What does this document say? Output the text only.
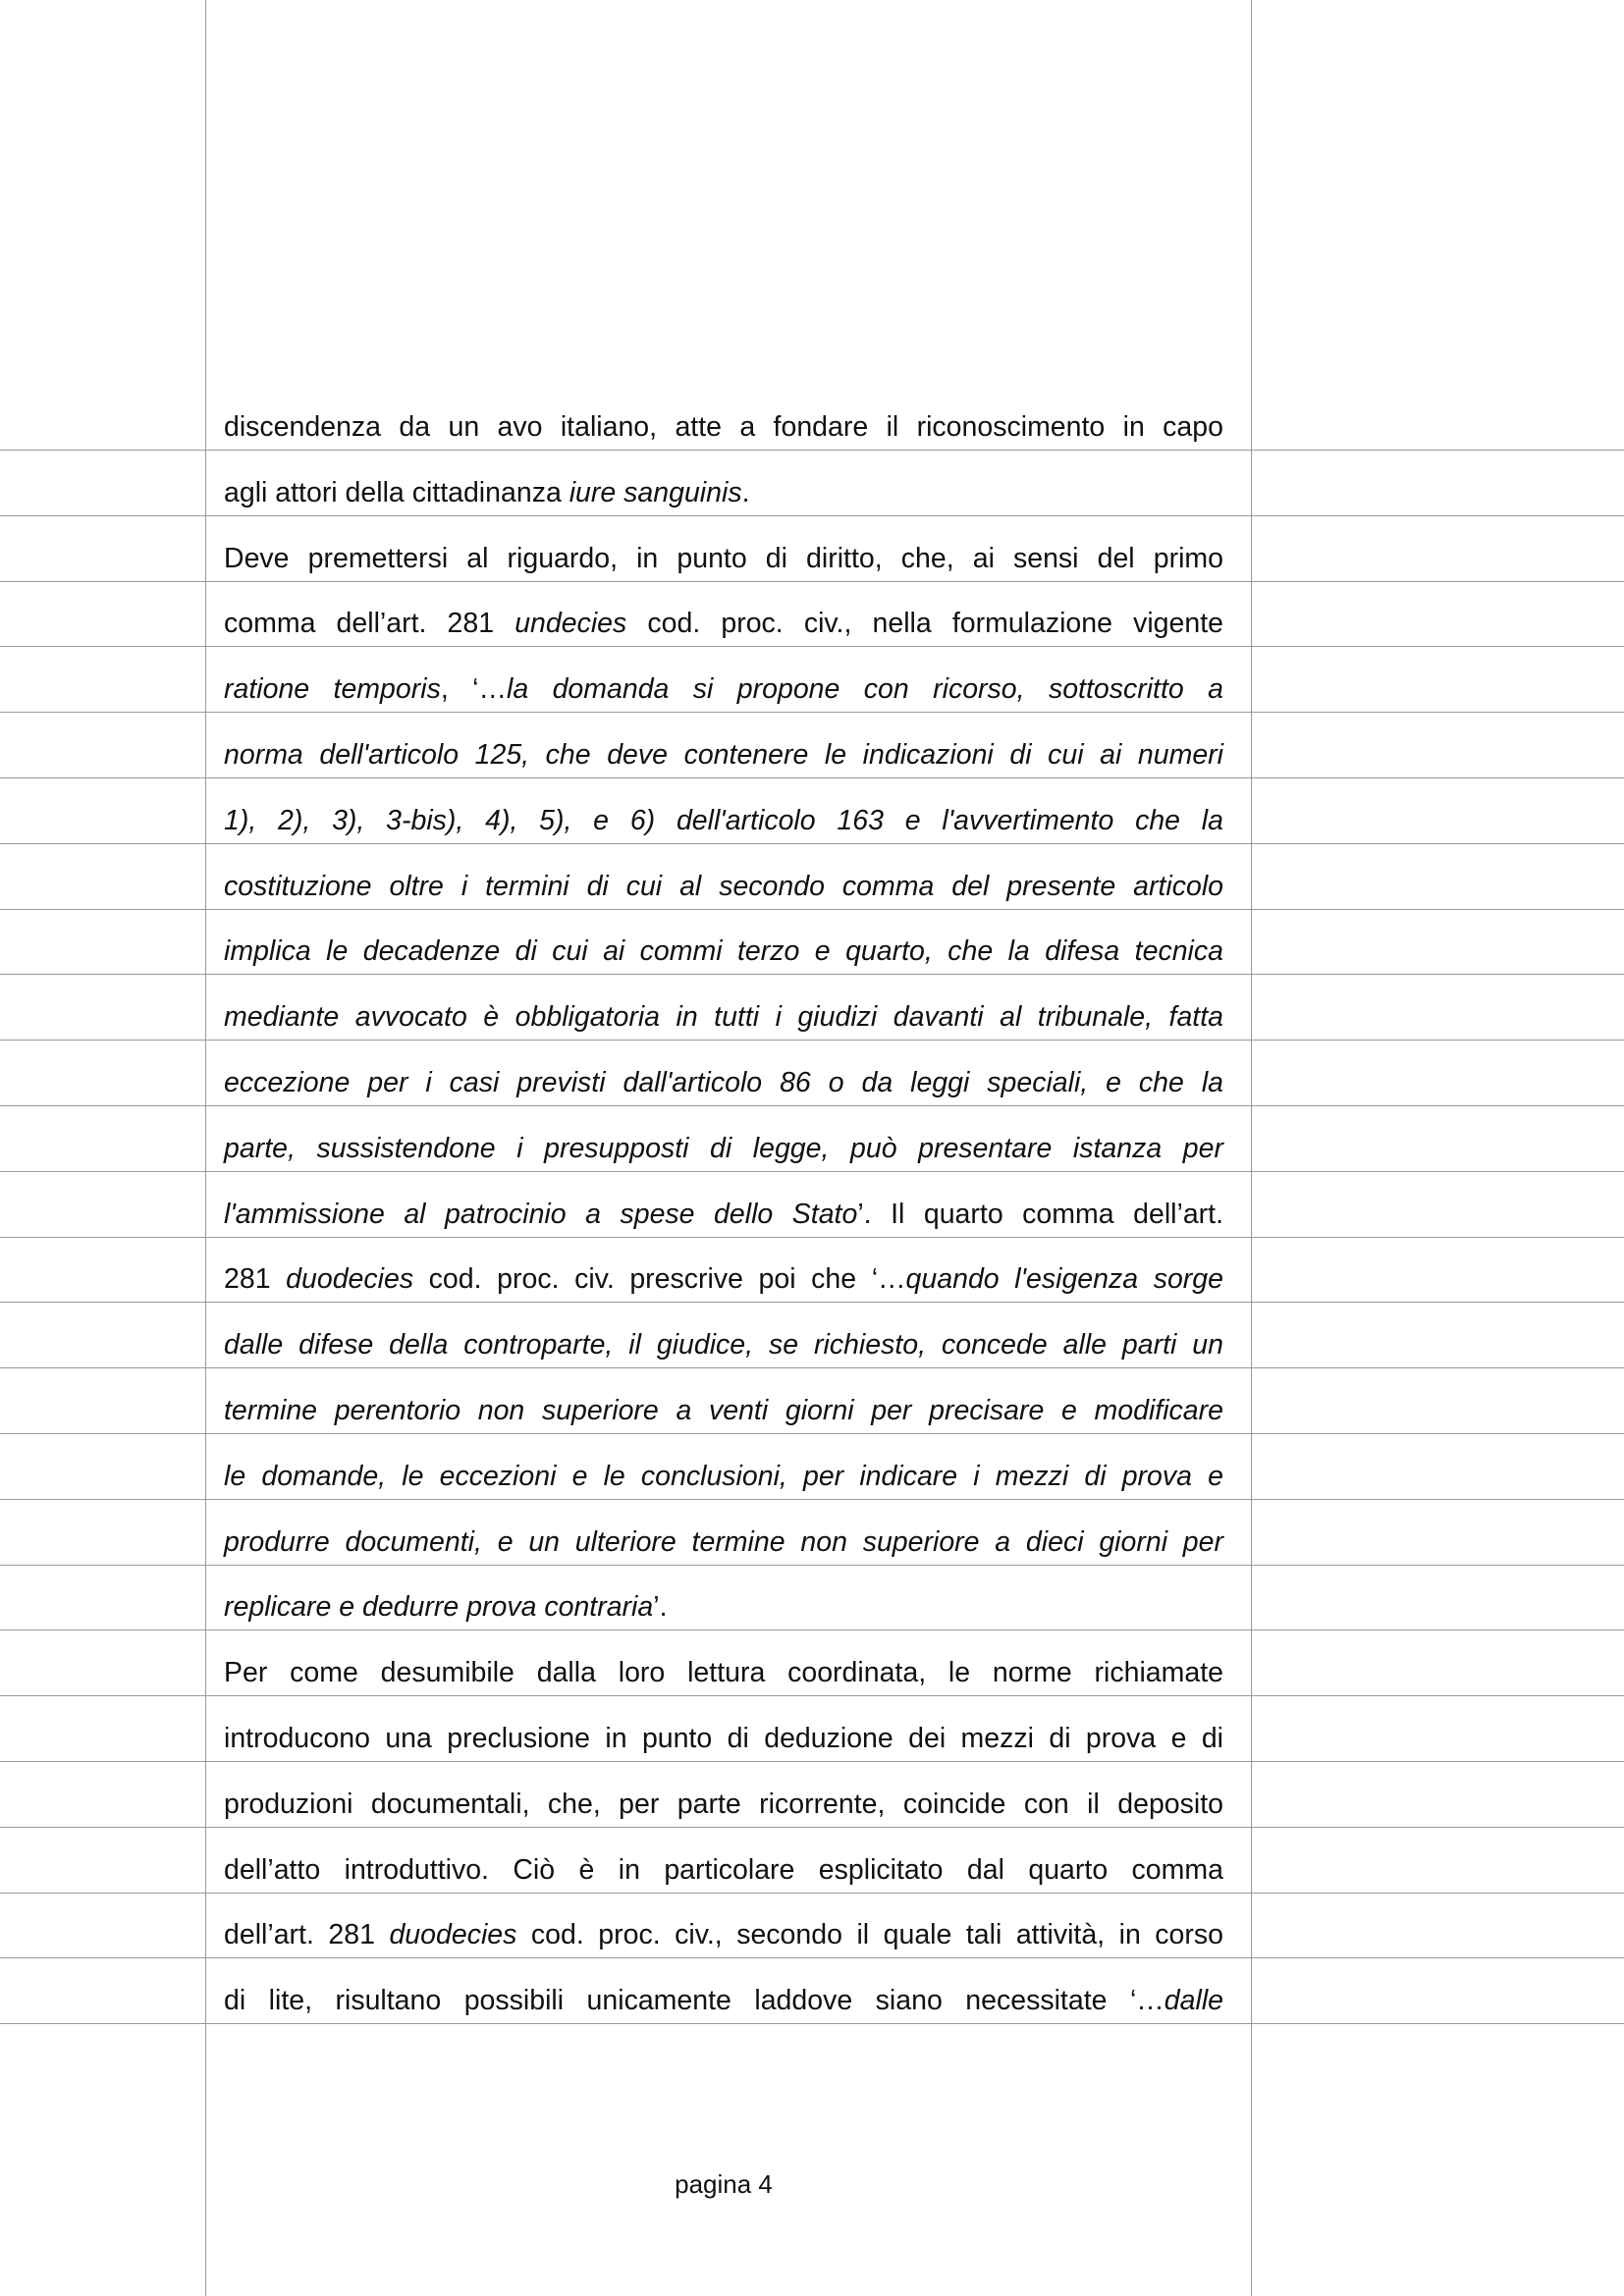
discendenza da un avo italiano, atte a fondare il riconoscimento in capo
agli attori della cittadinanza iure sanguinis.
Deve premettersi al riguardo, in punto di diritto, che, ai sensi del primo
comma dell’art. 281 undecies cod. proc. civ., nella formulazione vigente
ratione temporis, ‘…la domanda si propone con ricorso, sottoscritto a
norma dell'articolo 125, che deve contenere le indicazioni di cui ai numeri
1), 2), 3), 3-bis), 4), 5), e 6) dell'articolo 163 e l'avvertimento che la
costituzione oltre i termini di cui al secondo comma del presente articolo
implica le decadenze di cui ai commi terzo e quarto, che la difesa tecnica
mediante avvocato è obbligatoria in tutti i giudizi davanti al tribunale, fatta
eccezione per i casi previsti dall'articolo 86 o da leggi speciali, e che la
parte, sussistendone i presupposti di legge, può presentare istanza per
l'ammissione al patrocinio a spese dello Stato’. Il quarto comma dell’art.
281 duodecies cod. proc. civ. prescrive poi che ‘…quando l'esigenza sorge
dalle difese della controparte, il giudice, se richiesto, concede alle parti un
termine perentorio non superiore a venti giorni per precisare e modificare
le domande, le eccezioni e le conclusioni, per indicare i mezzi di prova e
produrre documenti, e un ulteriore termine non superiore a dieci giorni per
replicare e dedurre prova contraria’.
Per come desumibile dalla loro lettura coordinata, le norme richiamate
introducono una preclusione in punto di deduzione dei mezzi di prova e di
produzioni documentali, che, per parte ricorrente, coincide con il deposito
dell’atto introduttivo. Ciò è in particolare esplicitato dal quarto comma
dell’art. 281 duodecies cod. proc. civ., secondo il quale tali attività, in corso
di lite, risultano possibili unicamente laddove siano necessitate ‘…dalle
pagina 4
